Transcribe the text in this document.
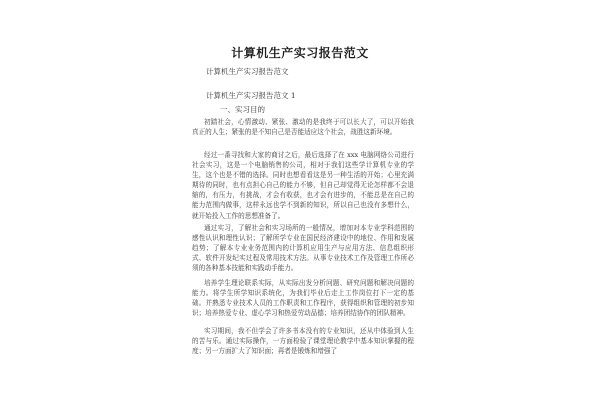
计算机生产实习报告范文
计算机生产实习报告范文
计算机生产实习报告范文 1
一、实习目的

初踏社会，心情激动、紧张、激动的是我终于可以长大了，可以开始我真正的人生；紧张的是不知自己是否能适应这个社会，战胜这新环境。

经过一番寻找和大家的商讨之后，最后选择了在 xxx 电脑网络公司进行社会实习，这是一个电脑销售的公司，相对于我们这些学计算机专业的学生，这个也是不错的选择。同时也想看看这是另一种生活的开始；心里充满期待的同时，也有点担心自己的能力不够，但自己却觉得无论怎样都不会退缩的，有压力，有挑战，才会有收获，也才会有进步的，不能总是在自己的能力范围内做事，这样永远也学不到新的知识，所以自己也没有多想什么，就开始投入工作的思想准备了。

通过实习，了解社会和实习场所的一般情况，增加对本专业学科范围的感性认识和理性认识；了解所学专业在国民经济建设中的地位、作用和发展趋势；了解本专业业务范围内的计算机应用生产与应用方法、信息组织形式、软件开发纪实过程及常用技术方法。从事专业技术工作及管理工作所必须的各种基本技能和实践动手能力。

培养学生理论联系实际，从实际出发分析问题、研究问题和解决问题的能力。将学生所学知识系统化，为我们毕业后走上工作岗位打下一定的基础。并熟悉专业技术人员的工作职责和工作程序，获得组织和管理的初步知识；培养热爱专业、虚心学习和热爱劳动品德；培养团结协作的团队精神。

实习期间，我不但学会了许多书本没有的专业知识，还从中体验到人生的苦与乐。通过实际操作，一方面检验了课堂理论教学中基本知识掌握的程度；另一方面扩大了知识面；再者是锻炼和增强了
